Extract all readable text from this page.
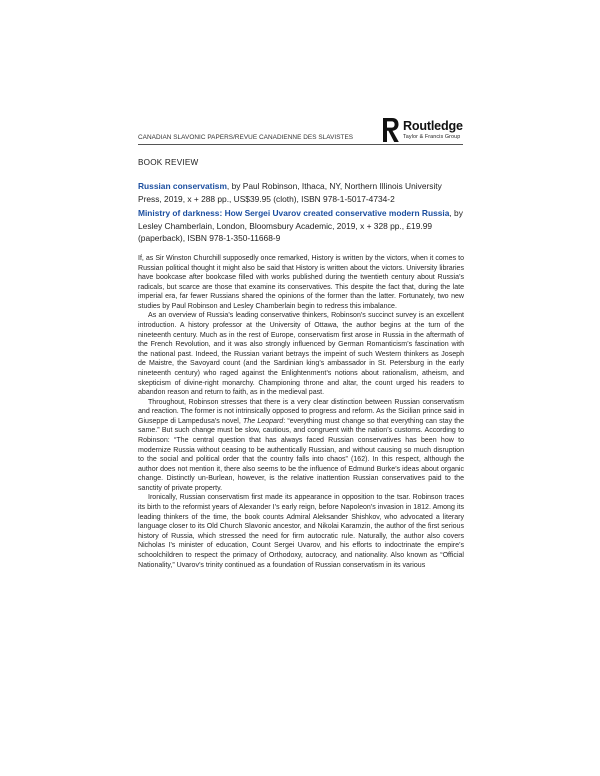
CANADIAN SLAVONIC PAPERS/REVUE CANADIENNE DES SLAVISTES
Routledge
Taylor & Francis Group
BOOK REVIEW
Russian conservatism, by Paul Robinson, Ithaca, NY, Northern Illinois University Press, 2019, x + 288 pp., US$39.95 (cloth), ISBN 978-1-5017-4734-2
Ministry of darkness: How Sergei Uvarov created conservative modern Russia, by Lesley Chamberlain, London, Bloomsbury Academic, 2019, x + 328 pp., £19.99 (paperback), ISBN 978-1-350-11668-9

If, as Sir Winston Churchill supposedly once remarked, History is written by the victors, when it comes to Russian political thought it might also be said that History is written about the victors. University libraries have bookcase after bookcase filled with works published during the twentieth century about Russia’s radicals, but scarce are those that examine its conservatives. This despite the fact that, during the late imperial era, far fewer Russians shared the opinions of the former than the latter. Fortunately, two new studies by Paul Robinson and Lesley Chamberlain begin to redress this imbalance.

As an overview of Russia’s leading conservative thinkers, Robinson’s succinct survey is an excellent introduction. A history professor at the University of Ottawa, the author begins at the turn of the nineteenth century. Much as in the rest of Europe, conservatism first arose in Russia in the aftermath of the French Revolution, and it was also strongly influenced by German Romanticism’s fascination with the national past. Indeed, the Russian variant betrays the impeint of such Western thinkers as Joseph de Maistre, the Savoyard count (and the Sardinian king’s ambassador in St. Petersburg in the early nineteenth century) who raged against the Enlightenment’s notions about rationalism, atheism, and skepticism of divine-right monarchy. Championing throne and altar, the count urged his readers to abandon reason and return to faith, as in the medieval past.

Throughout, Robinson stresses that there is a very clear distinction between Russian conservatism and reaction. The former is not intrinsically opposed to progress and reform. As the Sicilian prince said in Giuseppe di Lampedusa’s novel, The Leopard: “everything must change so that everything can stay the same.” But such change must be slow, cautious, and congruent with the nation’s customs. According to Robinson: “The central question that has always faced Russian conservatives has been how to modernize Russia without ceasing to be authentically Russian, and without causing so much disruption to the social and political order that the country falls into chaos” (162). In this respect, although the author does not mention it, there also seems to be the influence of Edmund Burke’s ideas about organic change. Distinctly un-Burlean, however, is the relative inattention Russian conservatives paid to the sanctity of private property.

Ironically, Russian conservatism first made its appearance in opposition to the tsar. Robinson traces its birth to the reformist years of Alexander I’s early reign, before Napoleon’s invasion in 1812. Among its leading thinkers of the time, the book counts Admiral Aleksander Shishkov, who advocated a literary language closer to its Old Church Slavonic ancestor, and Nikolai Karamzin, the author of the first serious history of Russia, which stressed the need for firm autocratic rule. Naturally, the author also covers Nicholas I’s minister of education, Count Sergei Uvarov, and his efforts to indoctrinate the empire’s schoolchildren to respect the primacy of Orthodoxy, autocracy, and nationality. Also known as “Official Nationality,” Uvarov’s trinity continued as a foundation of Russian conservatism in its various
